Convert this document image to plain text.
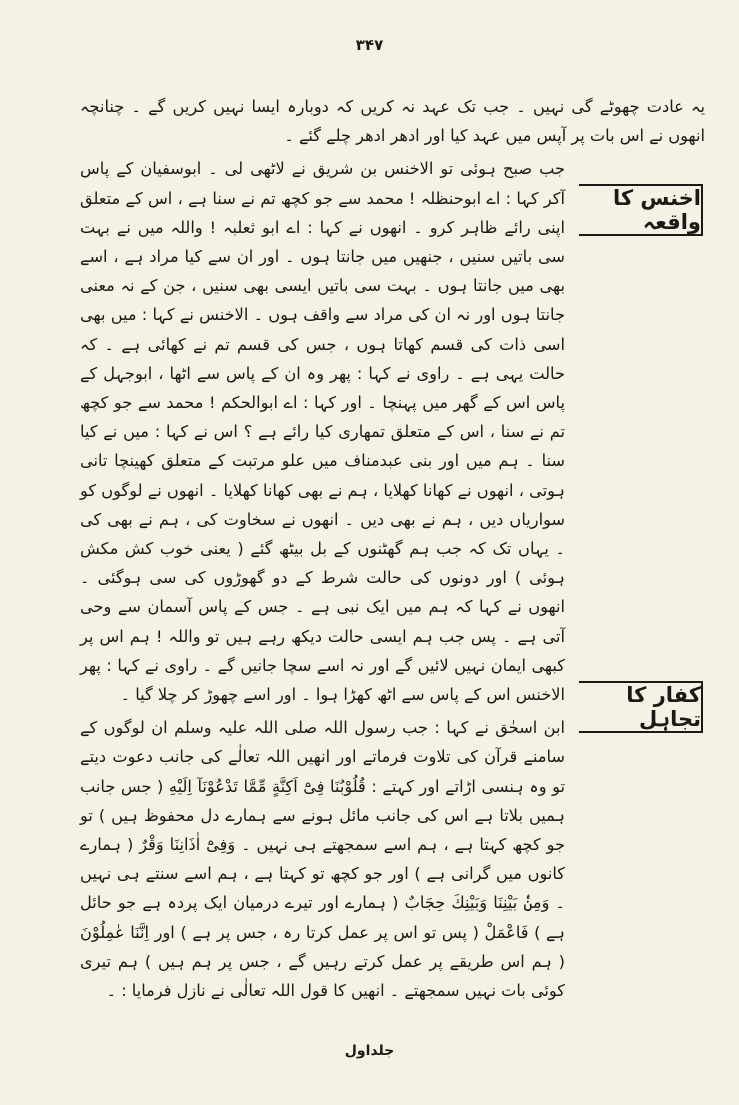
۳۴۷
اخنس کا واقعہ
کفار کا تجاہل

یہ عادت چھوٹے گی نہیں ۔ جب تک عہد نہ کریں کہ دوبارہ ایسا نہیں کریں گے ۔ چنانچہ انھوں نے اس بات پر آپس میں عہد کیا اور ادھر ادھر چلے گئے ۔

جب صبح ہوئی تو الاخنس بن شریق نے لاٹھی لی ۔ ابوسفیان کے پاس آکر کہا : اے ابوحنظلہ ! محمد سے جو کچھ تم نے سنا ہے ، اس کے متعلق اپنی رائے ظاہر کرو ۔ انھوں نے کہا : اے ابو ثعلبہ ! واللہ میں نے بہت سی باتیں سنیں ، جنھیں میں جانتا ہوں ۔ اور ان سے کیا مراد ہے ، اسے بھی میں جانتا ہوں ۔ بہت سی باتیں ایسی بھی سنیں ، جن کے نہ معنی جانتا ہوں اور نہ ان کی مراد سے واقف ہوں ۔ الاخنس نے کہا : میں بھی اسی ذات کی قسم کھاتا ہوں ، جس کی قسم تم نے کھائی ہے ۔ کہ حالت یہی ہے ۔ راوی نے کہا : پھر وہ ان کے پاس سے اٹھا ، ابوجہل کے پاس اس کے گھر میں پہنچا ۔ اور کہا : اے ابوالحکم ! محمد سے جو کچھ تم نے سنا ، اس کے متعلق تمھاری کیا رائے ہے ؟ اس نے کہا : میں نے کیا سنا ۔ ہم میں اور بنی عبدمناف میں علو مرتبت کے متعلق کھینچا تانی ہوتی ، انھوں نے کھانا کھلایا ، ہم نے بھی کھانا کھلایا ۔ انھوں نے لوگوں کو سواریاں دیں ، ہم نے بھی دیں ۔ انھوں نے سخاوت کی ، ہم نے بھی کی ۔ یہاں تک کہ جب ہم گھٹنوں کے بل بیٹھ گئے ( یعنی خوب کش مکش ہوئی ) اور دونوں کی حالت شرط کے دو گھوڑوں کی سی ہوگئی ۔ انھوں نے کہا کہ ہم میں ایک نبی ہے ۔ جس کے پاس آسمان سے وحی آتی ہے ۔ پس جب ہم ایسی حالت دیکھ رہے ہیں تو واللہ ! ہم اس پر کبھی ایمان نہیں لائیں گے اور نہ اسے سچا جانیں گے ۔ راوی نے کہا : پھر الاخنس اس کے پاس سے اٹھ کھڑا ہوا ۔ اور اسے چھوڑ کر چلا گیا ۔

ابن اسحٰق نے کہا : جب رسول اللہ صلی اللہ علیہ وسلم ان لوگوں کے سامنے قرآن کی تلاوت فرماتے اور انھیں اللہ تعالٰے کی جانب دعوت دیتے تو وہ ہنسی اڑاتے اور کہتے : قُلُوْبُنَا فِیْٓ اَکِنَّةٍ مِّمَّا تَدْعُوْنَآ اِلَیْهِ ( جس جانب ہمیں بلاتا ہے اس کی جانب مائل ہونے سے ہمارے دل محفوظ ہیں ) تو جو کچھ کہتا ہے ، ہم اسے سمجھتے ہی نہیں ۔ وَفِیْٓ اٰذَانِنَا وَقْرٌ ( ہمارے کانوں میں گرانی ہے ) اور جو کچھ تو کہتا ہے ، ہم اسے سنتے ہی نہیں ۔ وَمِنْۢ بَیْنِنَا وَبَیْنِكَ حِجَابٌ ( ہمارے اور تیرے درمیان ایک پردہ ہے جو حائل ہے ) فَاعْمَلْ ( پس تو اس پر عمل کرتا رہ ، جس پر ہے ) اور اِنَّنَا عٰمِلُوْنَ ( ہم اس طریقے پر عمل کرتے رہیں گے ، جس پر ہم ہیں ) ہم تیری کوئی بات نہیں سمجھتے ۔ انھیں کا قول اللہ تعالٰی نے نازل فرمایا : ۔

جلداول
